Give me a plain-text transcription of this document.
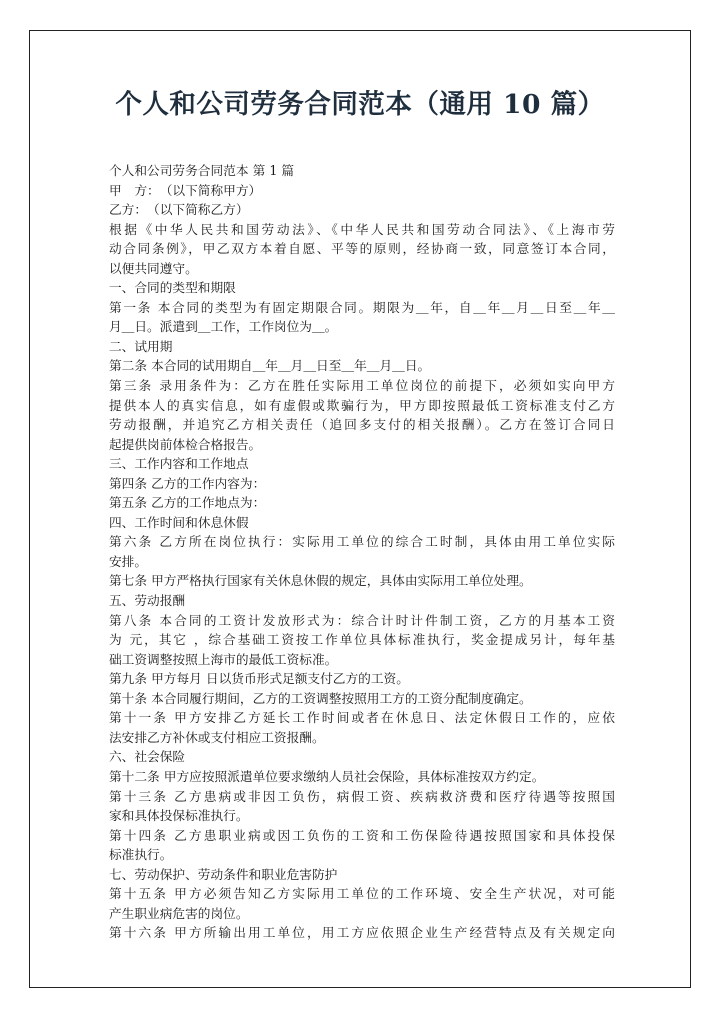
个人和公司劳务合同范本（通用 10 篇）

个人和公司劳务合同范本 第 1 篇

甲　方：　（以下简称甲方）

乙方：　（以下简称乙方）

根据《中华人民共和国劳动法》、《中华人民共和国劳动合同法》、《上海市劳

动合同条例》，甲乙双方本着自愿、平等的原则，经协商一致，同意签订本合同，

以便共同遵守。

一、合同的类型和期限

第一条 本合同的类型为有固定期限合同。期限为＿年，自＿年＿月＿日至＿年＿

月＿日。派遣到＿工作，工作岗位为＿。

二、试用期

第二条 本合同的试用期自＿年＿月＿日至＿年＿月＿日。

第三条 录用条件为：乙方在胜任实际用工单位岗位的前提下，必须如实向甲方

提供本人的真实信息，如有虚假或欺骗行为，甲方即按照最低工资标准支付乙方

劳动报酬，并追究乙方相关责任（追回多支付的相关报酬）。乙方在签订合同日

起提供岗前体检合格报告。

三、工作内容和工作地点

第四条 乙方的工作内容为：

第五条 乙方的工作地点为：

四、工作时间和休息休假

第六条 乙方所在岗位执行：实际用工单位的综合工时制，具体由用工单位实际

安排。

第七条 甲方严格执行国家有关休息休假的规定，具体由实际用工单位处理。

五、劳动报酬

第八条 本合同的工资计发放形式为：综合计时计件制工资，乙方的月基本工资

为 元，其它 ，综合基础工资按工作单位具体标准执行，奖金提成另计，每年基

础工资调整按照上海市的最低工资标准。

第九条 甲方每月 日以货币形式足额支付乙方的工资。

第十条 本合同履行期间，乙方的工资调整按照用工方的工资分配制度确定。

第十一条 甲方安排乙方延长工作时间或者在休息日、法定休假日工作的，应依

法安排乙方补休或支付相应工资报酬。

六、社会保险

第十二条 甲方应按照派遣单位要求缴纳人员社会保险，具体标准按双方约定。

第十三条 乙方患病或非因工负伤，病假工资、疾病救济费和医疗待遇等按照国

家和具体投保标准执行。

第十四条 乙方患职业病或因工负伤的工资和工伤保险待遇按照国家和具体投保

标准执行。

七、劳动保护、劳动条件和职业危害防护

第十五条 甲方必须告知乙方实际用工单位的工作环境、安全生产状况，对可能

产生职业病危害的岗位。

第十六条 甲方所输出用工单位，用工方应依照企业生产经营特点及有关规定向
